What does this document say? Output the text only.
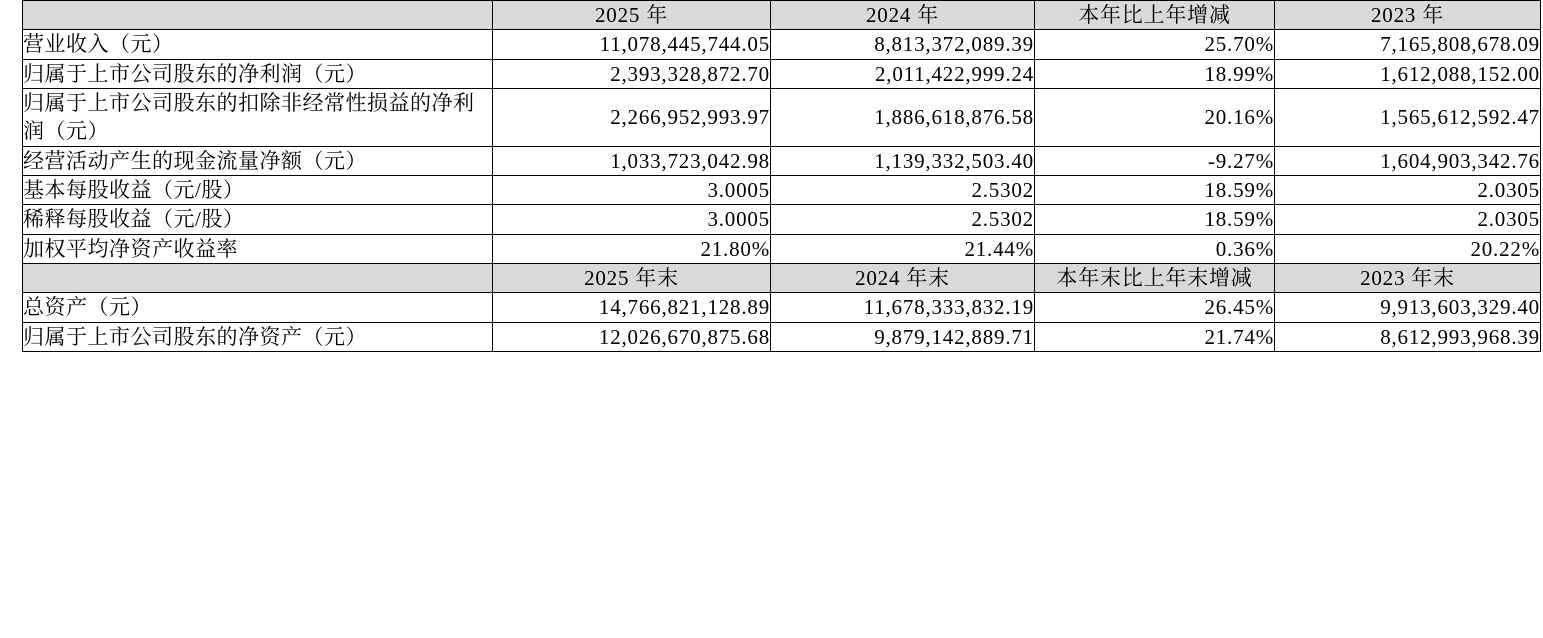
	2025 年	2024 年	本年比上年增减	2023 年
营业收入（元）	11,078,445,744.05	8,813,372,089.39	25.70%	7,165,808,678.09
归属于上市公司股东的净利润（元）	2,393,328,872.70	2,011,422,999.24	18.99%	1,612,088,152.00
归属于上市公司股东的扣除非经常性损益的净利润（元）	2,266,952,993.97	1,886,618,876.58	20.16%	1,565,612,592.47
经营活动产生的现金流量净额（元）	1,033,723,042.98	1,139,332,503.40	-9.27%	1,604,903,342.76
基本每股收益（元/股）	3.0005	2.5302	18.59%	2.0305
稀释每股收益（元/股）	3.0005	2.5302	18.59%	2.0305
加权平均净资产收益率	21.80%	21.44%	0.36%	20.22%
	2025 年末	2024 年末	本年末比上年末增减	2023 年末
总资产（元）	14,766,821,128.89	11,678,333,832.19	26.45%	9,913,603,329.40
归属于上市公司股东的净资产（元）	12,026,670,875.68	9,879,142,889.71	21.74%	8,612,993,968.39
